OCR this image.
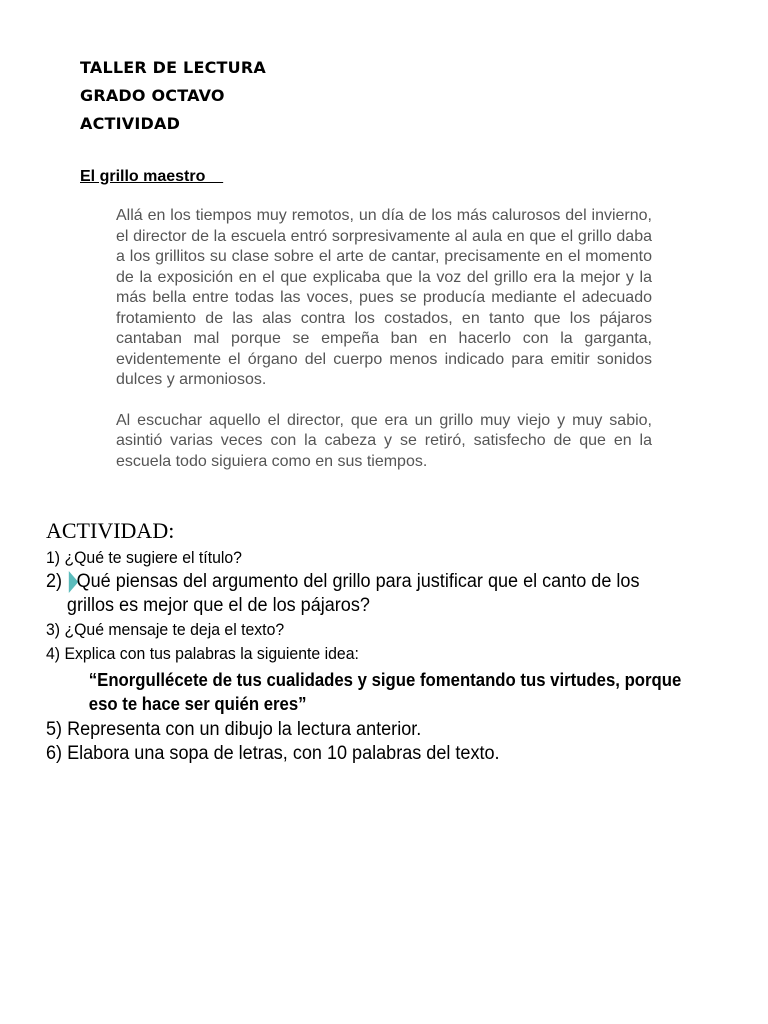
TALLER DE LECTURA
GRADO OCTAVO
ACTIVIDAD
El grillo maestro

Allá en los tiempos muy remotos, un día de los más calurosos del invierno, el director de la escuela entró sorpresivamente al aula en que el grillo daba a los grillitos su clase sobre el arte de cantar, precisamente en el momento de la exposición en el que explicaba que la voz del grillo era la mejor y la más bella entre todas las voces, pues se producía mediante el adecuado frotamiento de las alas contra los costados, en tanto que los pájaros cantaban mal porque se empeña ban en hacerlo con la garganta, evidentemente el órgano del cuerpo menos indicado para emitir sonidos dulces y armoniosos.

Al escuchar aquello el director, que era un grillo muy viejo y muy sabio, asintió varias veces con la cabeza y se retiró, satisfecho de que en la escuela todo siguiera como en sus tiempos.

ACTIVIDAD:
1) ¿Qué te sugiere el título?
2) Qué piensas del argumento del grillo para justificar que el canto de los
grillos es mejor que el de los pájaros?
3) ¿Qué mensaje te deja el texto?
4) Explica con tus palabras la siguiente idea:
“Enorgullécete de tus cualidades y sigue fomentando tus virtudes, porque eso te hace ser quién eres”
5) Representa con un dibujo la lectura anterior.
6) Elabora una sopa de letras, con 10 palabras del texto.
